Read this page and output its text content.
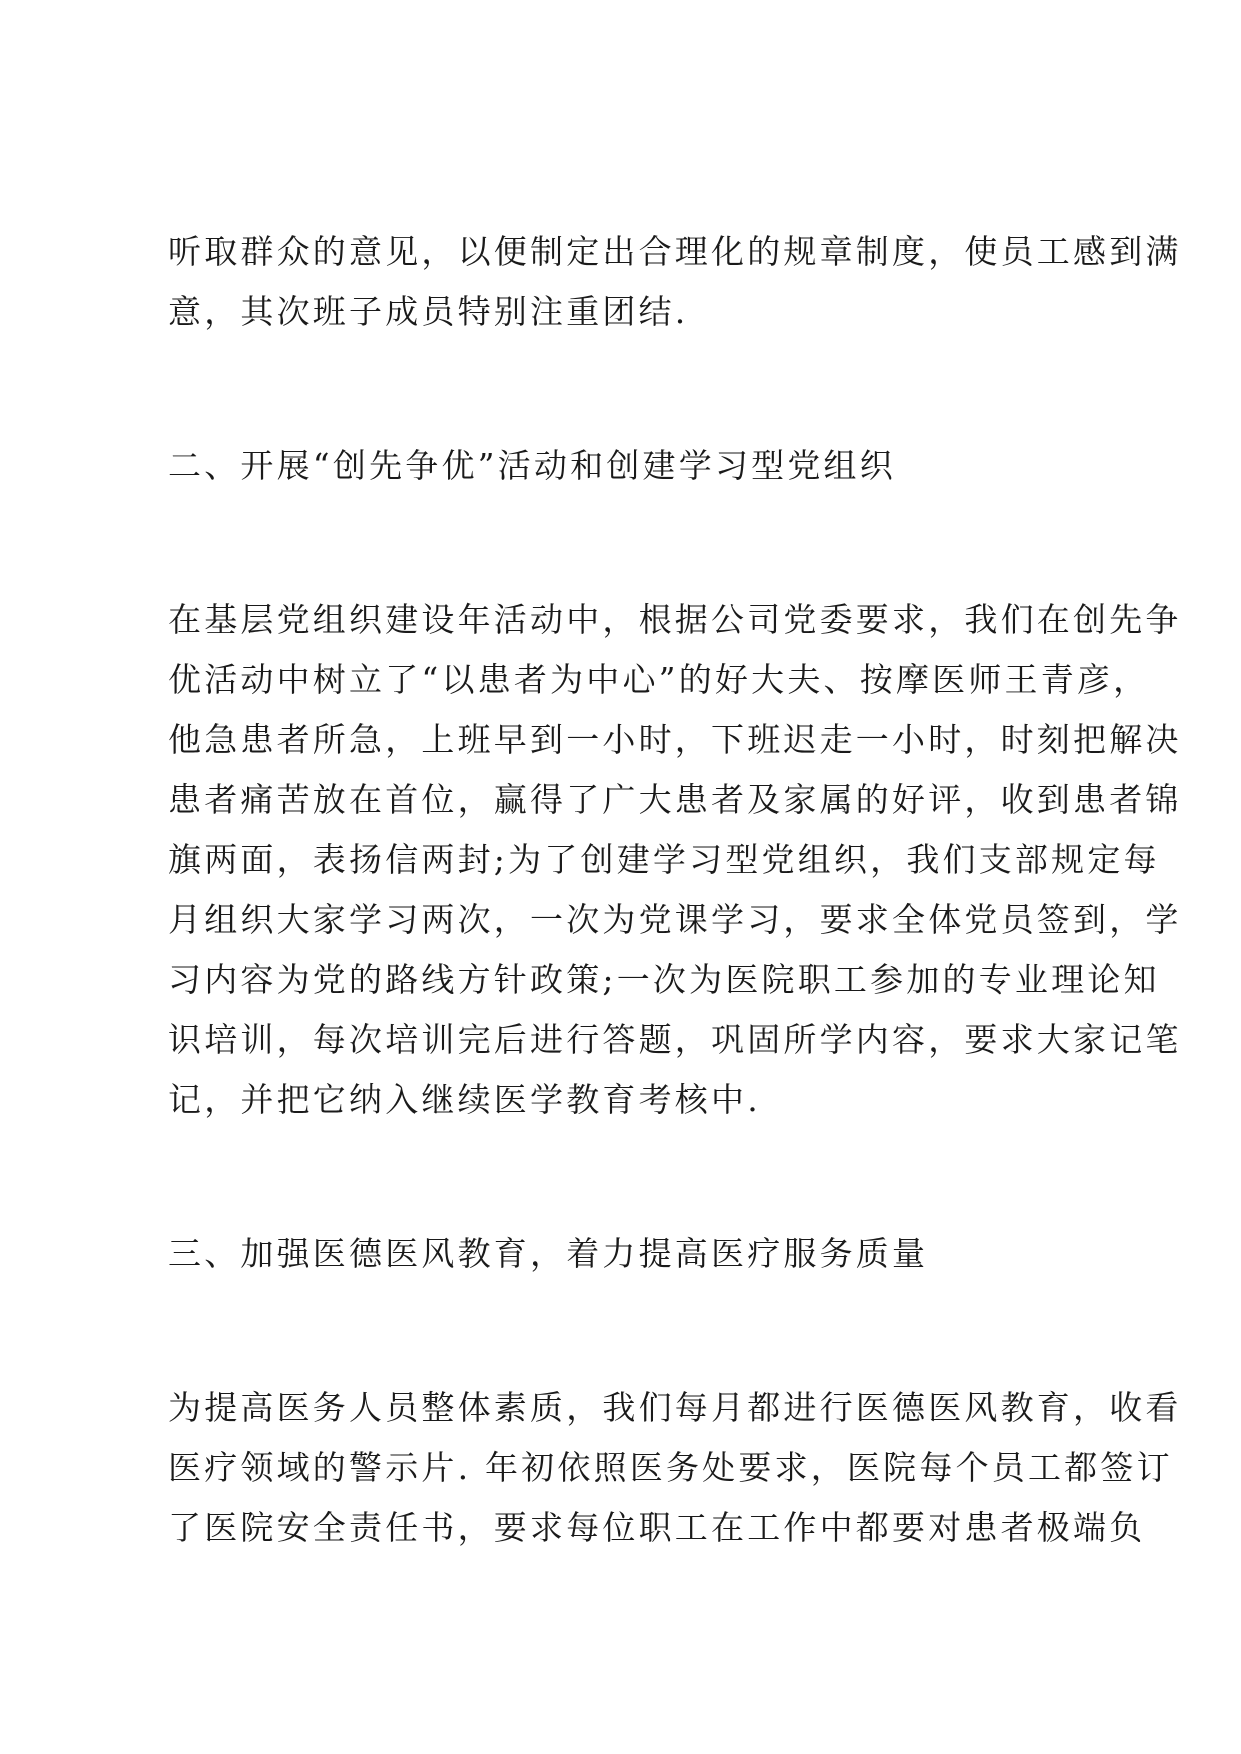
听取群众的意见，以便制定出合理化的规章制度，使员工感到满
意，其次班子成员特别注重团结.
二、开展“创先争优”活动和创建学习型党组织
在基层党组织建设年活动中，根据公司党委要求，我们在创先争
优活动中树立了“以患者为中心”的好大夫、按摩医师王青彦，
他急患者所急，上班早到一小时，下班迟走一小时，时刻把解决
患者痛苦放在首位，赢得了广大患者及家属的好评，收到患者锦
旗两面，表扬信两封;为了创建学习型党组织，我们支部规定每
月组织大家学习两次，一次为党课学习，要求全体党员签到，学
习内容为党的路线方针政策;一次为医院职工参加的专业理论知
识培训，每次培训完后进行答题，巩固所学内容，要求大家记笔
记，并把它纳入继续医学教育考核中.
三、加强医德医风教育，着力提高医疗服务质量
为提高医务人员整体素质，我们每月都进行医德医风教育，收看
医疗领域的警示片. 年初依照医务处要求，医院每个员工都签订
了医院安全责任书，要求每位职工在工作中都要对患者极端负
